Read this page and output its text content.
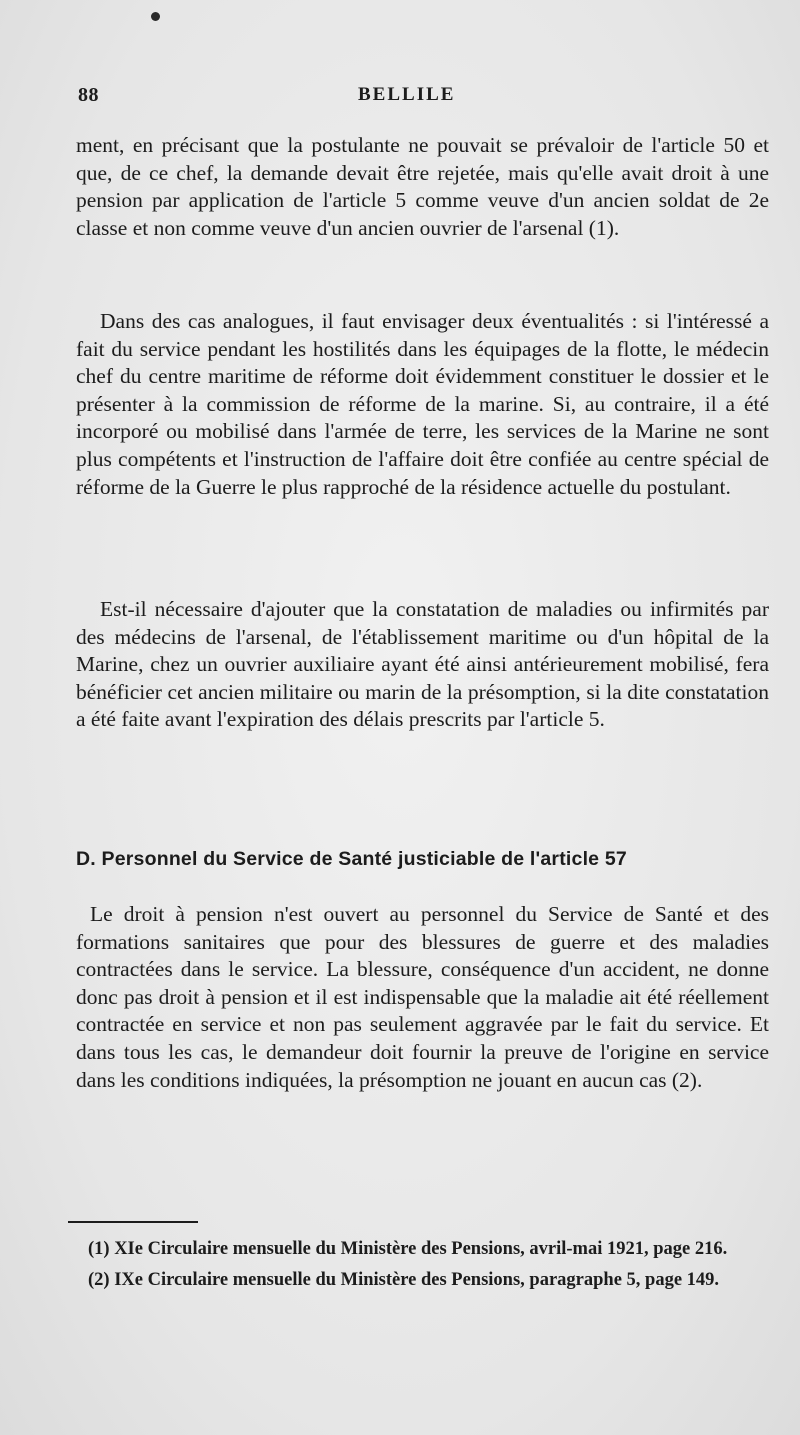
88	BELLILE

ment, en précisant que la postulante ne pouvait se prévaloir de l'article 50 et que, de ce chef, la demande devait être rejetée, mais qu'elle avait droit à une pension par application de l'article 5 comme veuve d'un ancien soldat de 2e classe et non comme veuve d'un ancien ouvrier de l'arsenal (1).

Dans des cas analogues, il faut envisager deux éventualités : si l'intéressé a fait du service pendant les hostilités dans les équipages de la flotte, le médecin chef du centre maritime de réforme doit évidemment constituer le dossier et le présenter à la commission de réforme de la marine. Si, au contraire, il a été incorporé ou mobilisé dans l'armée de terre, les services de la Marine ne sont plus compétents et l'instruction de l'affaire doit être confiée au centre spécial de réforme de la Guerre le plus rapproché de la résidence actuelle du postulant.

Est-il nécessaire d'ajouter que la constatation de maladies ou infirmités par des médecins de l'arsenal, de l'établissement maritime ou d'un hôpital de la Marine, chez un ouvrier auxiliaire ayant été ainsi antérieurement mobilisé, fera bénéficier cet ancien militaire ou marin de la présomption, si la dite constatation a été faite avant l'expiration des délais prescrits par l'article 5.

D. Personnel du Service de Santé justiciable de l'article 57

Le droit à pension n'est ouvert au personnel du Service de Santé et des formations sanitaires que pour des blessures de guerre et des maladies contractées dans le service. La blessure, conséquence d'un accident, ne donne donc pas droit à pension et il est indispensable que la maladie ait été réellement contractée en service et non pas seulement aggravée par le fait du service. Et dans tous les cas, le demandeur doit fournir la preuve de l'origine en service dans les conditions indiquées, la présomption ne jouant en aucun cas (2).

(1) XIe Circulaire mensuelle du Ministère des Pensions, avril-mai 1921, page 216.

(2) IXe Circulaire mensuelle du Ministère des Pensions, paragraphe 5, page 149.
